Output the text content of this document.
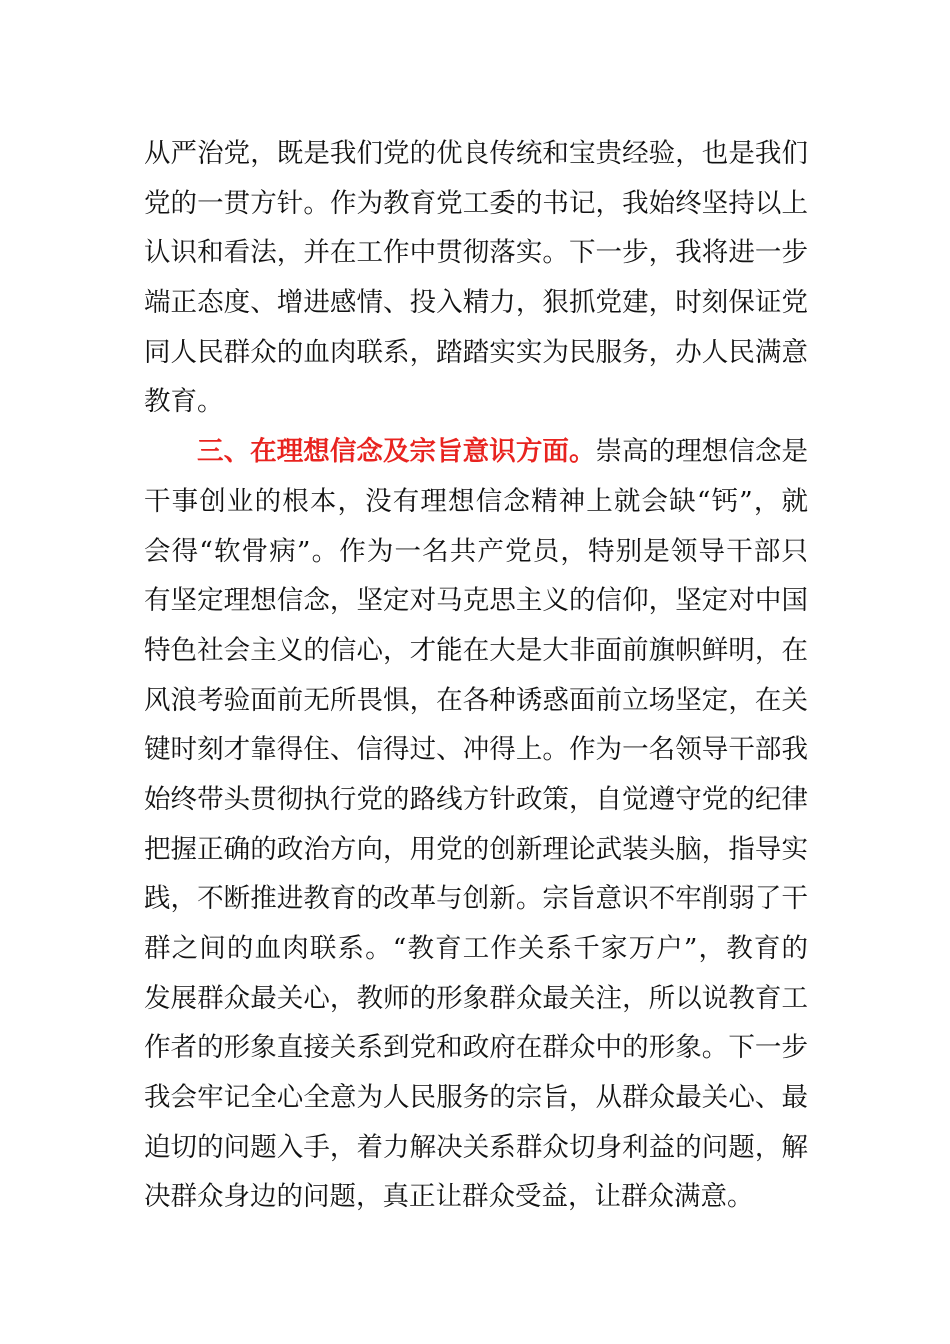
从严治党，既是我们党的优良传统和宝贵经验，也是我们
党的一贯方针。作为教育党工委的书记，我始终坚持以上
认识和看法，并在工作中贯彻落实。下一步，我将进一步
端正态度、增进感情、投入精力，狠抓党建，时刻保证党
同人民群众的血肉联系，踏踏实实为民服务，办人民满意
教育。
三、在理想信念及宗旨意识方面。崇高的理想信念是
干事创业的根本，没有理想信念精神上就会缺“钙”，就
会得“软骨病”。作为一名共产党员，特别是领导干部只
有坚定理想信念，坚定对马克思主义的信仰，坚定对中国
特色社会主义的信心，才能在大是大非面前旗帜鲜明，在
风浪考验面前无所畏惧，在各种诱惑面前立场坚定，在关
键时刻才靠得住、信得过、冲得上。作为一名领导干部我
始终带头贯彻执行党的路线方针政策，自觉遵守党的纪律
把握正确的政治方向，用党的创新理论武装头脑，指导实
践，不断推进教育的改革与创新。宗旨意识不牢削弱了干
群之间的血肉联系。“教育工作关系千家万户”，教育的
发展群众最关心，教师的形象群众最关注，所以说教育工
作者的形象直接关系到党和政府在群众中的形象。下一步
我会牢记全心全意为人民服务的宗旨，从群众最关心、最
迫切的问题入手，着力解决关系群众切身利益的问题，解
决群众身边的问题，真正让群众受益，让群众满意。
